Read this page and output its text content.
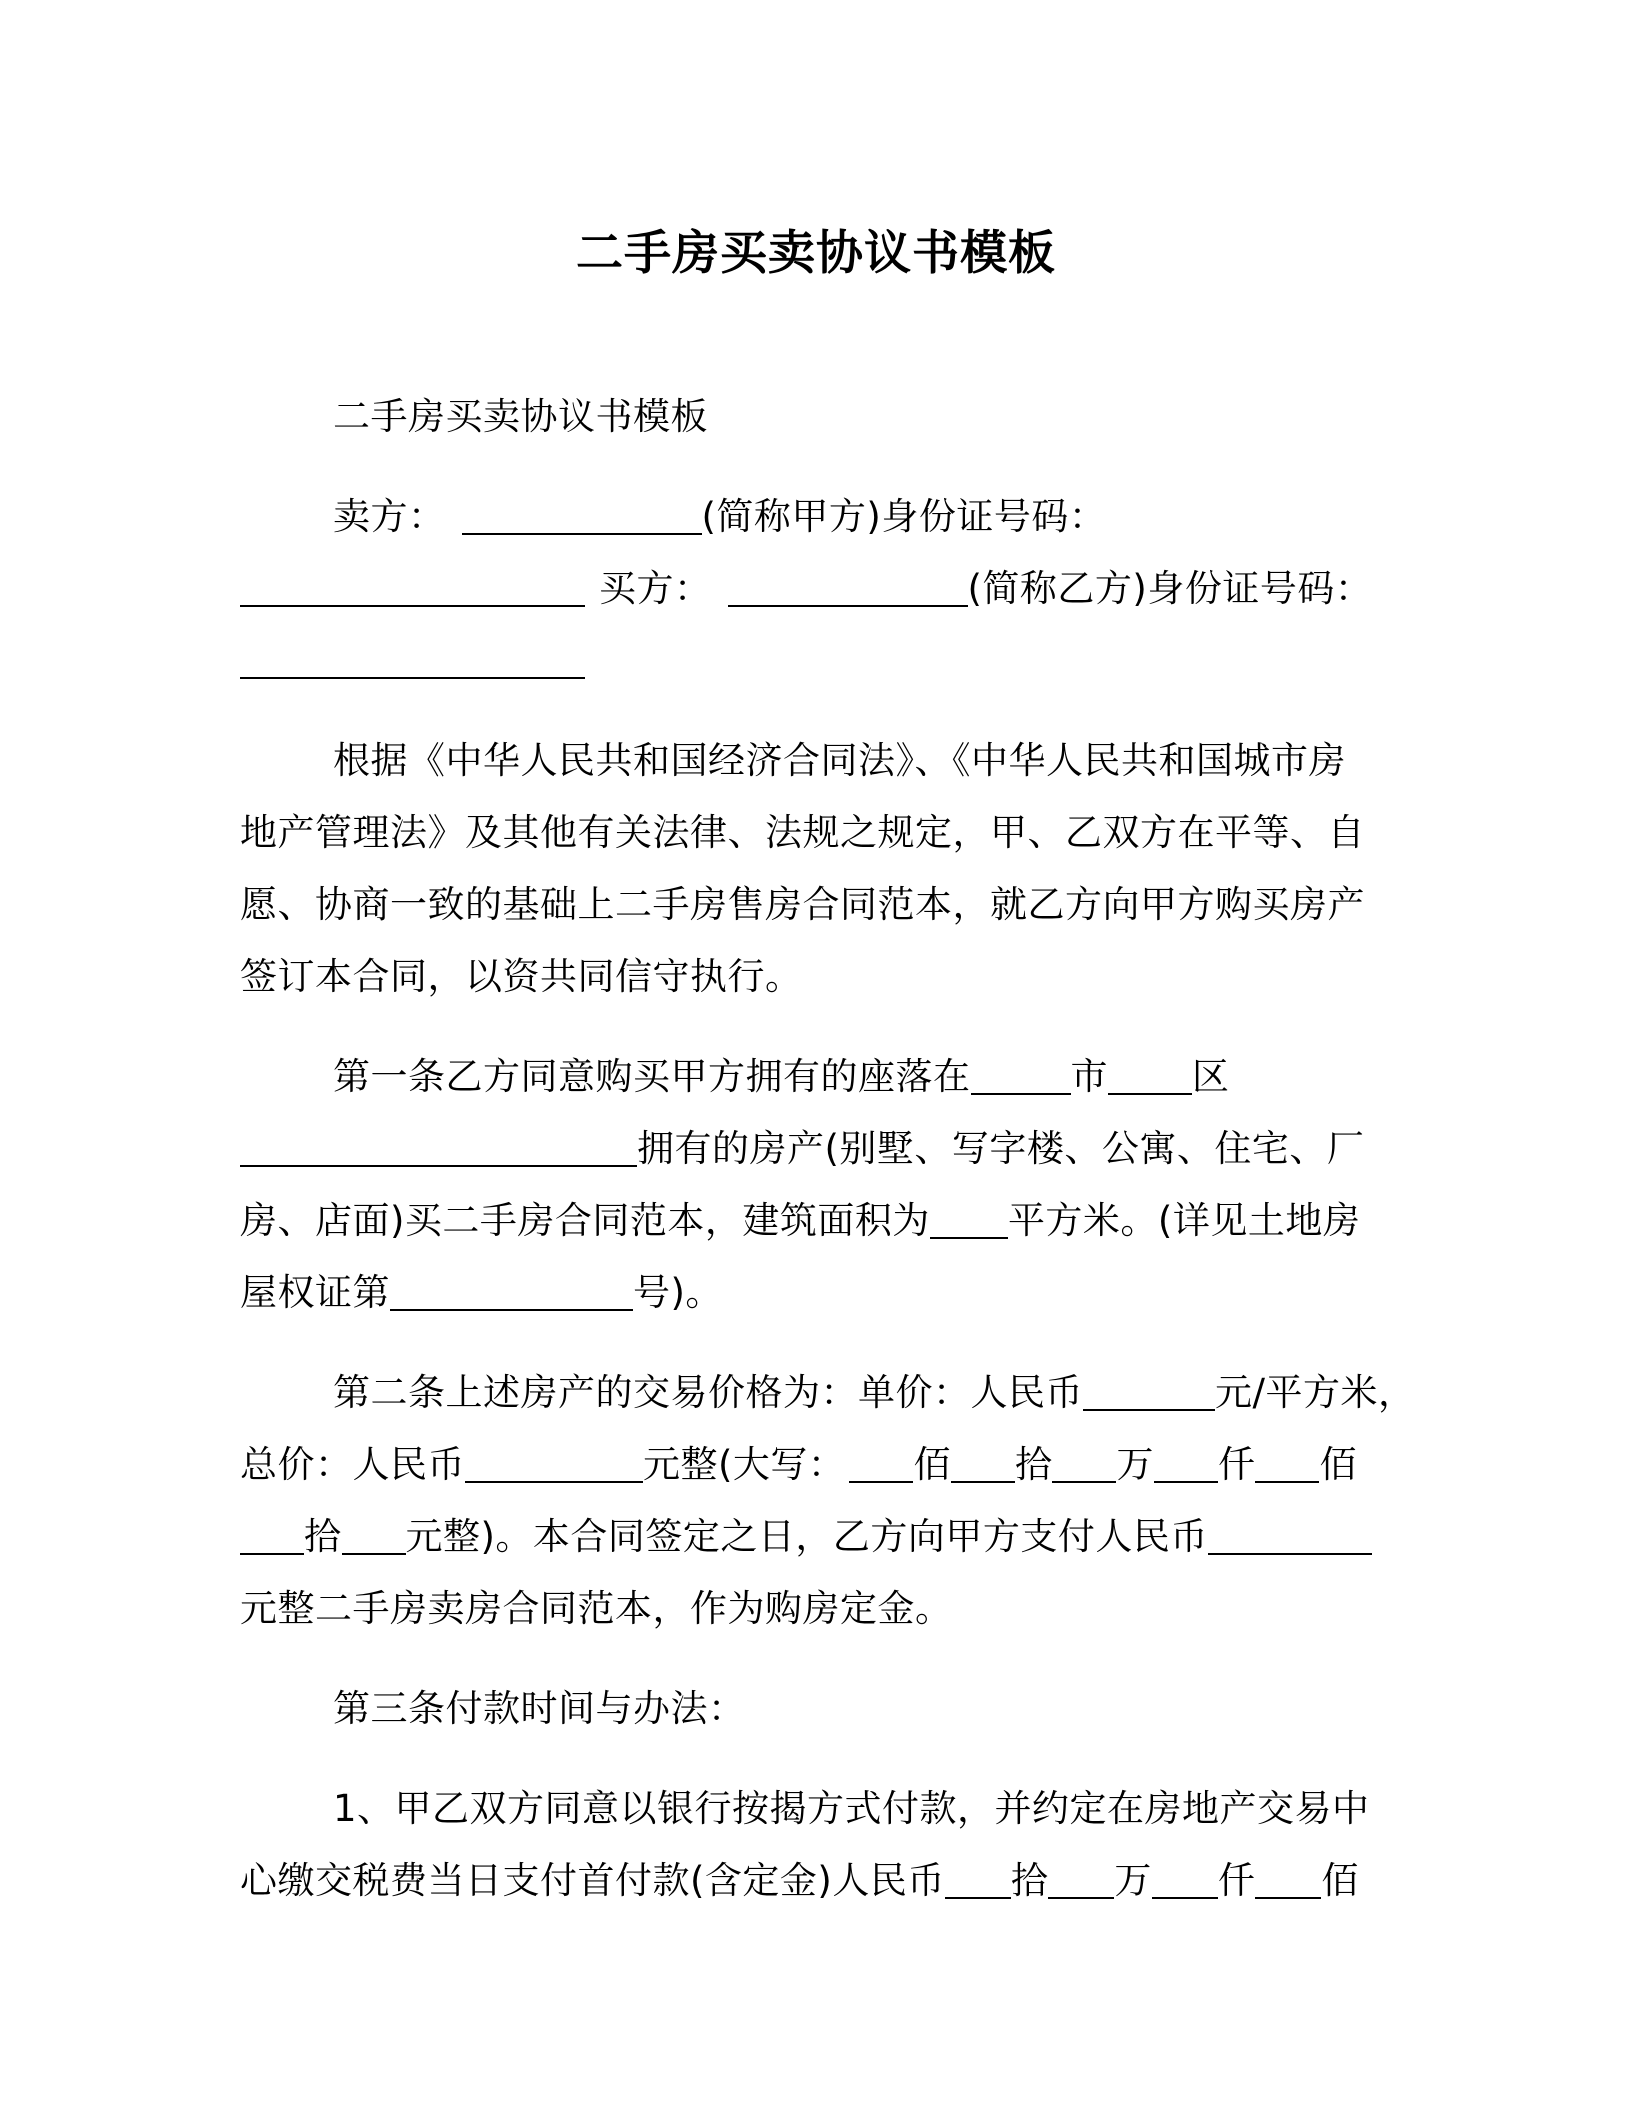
二手房买卖协议书模板
二手房买卖协议书模板
卖方：	(简称甲方)身份证号码：
买方：	(简称乙方)身份证号码：
根据《中华人民共和国经济合同法》、《中华人民共和国城市房
地产管理法》及其他有关法律、法规之规定，甲、乙双方在平等、自
愿、协商一致的基础上二手房售房合同范本，就乙方向甲方购买房产
签订本合同，以资共同信守执行。
第一条乙方同意购买甲方拥有的座落在	市 区
拥有的房产(别墅、写字楼、公寓、住宅、厂
房、店面)买二手房合同范本，建筑面积为 平方米。(详见土地房
屋权证第	号)。
第二条上述房产的交易价格为：单价：人民币	元/平方米，
总价：人民币	元整(大写： 佰 拾 万 仟 佰
拾 元整)。本合同签定之日，乙方向甲方支付人民币
元整二手房卖房合同范本，作为购房定金。
第三条付款时间与办法：
1、甲乙双方同意以银行按揭方式付款，并约定在房地产交易中
心缴交税费当日支付首付款(含定金)人民币 拾 万 仟 佰
